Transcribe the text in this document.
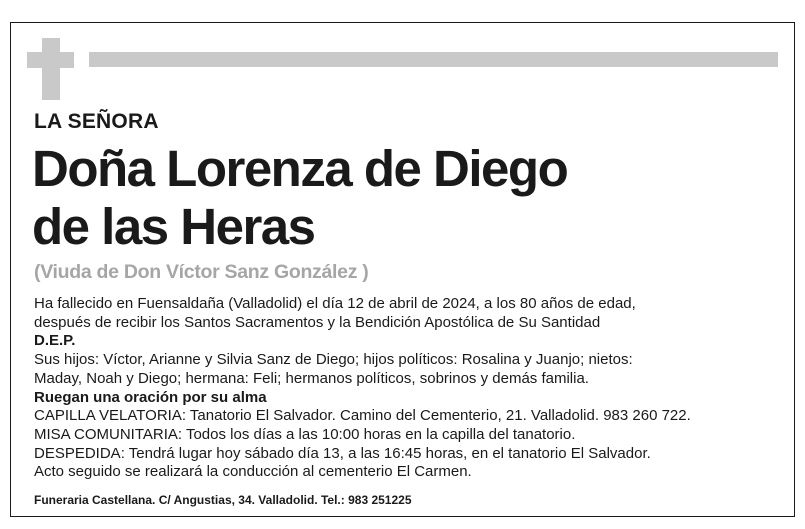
LA SEÑORA
Doña Lorenza de Diego
de las Heras
(Viuda de Don Víctor Sanz González )
Ha fallecido en Fuensaldaña (Valladolid) el día 12 de abril de 2024, a los 80 años de edad,
después de recibir los Santos Sacramentos y la Bendición Apostólica de Su Santidad
D.E.P.
Sus hijos: Víctor, Arianne y Silvia Sanz de Diego; hijos políticos: Rosalina y Juanjo; nietos:
Maday, Noah y Diego; hermana: Feli; hermanos políticos, sobrinos y demás familia.
Ruegan una oración por su alma
CAPILLA VELATORIA: Tanatorio El Salvador. Camino del Cementerio, 21. Valladolid. 983 260 722.
MISA COMUNITARIA: Todos los días a las 10:00 horas en la capilla del tanatorio.
DESPEDIDA: Tendrá lugar hoy sábado día 13, a las 16:45 horas, en el tanatorio El Salvador.
Acto seguido se realizará la conducción al cementerio El Carmen.
Funeraria Castellana. C/ Angustias, 34. Valladolid. Tel.: 983 251225
